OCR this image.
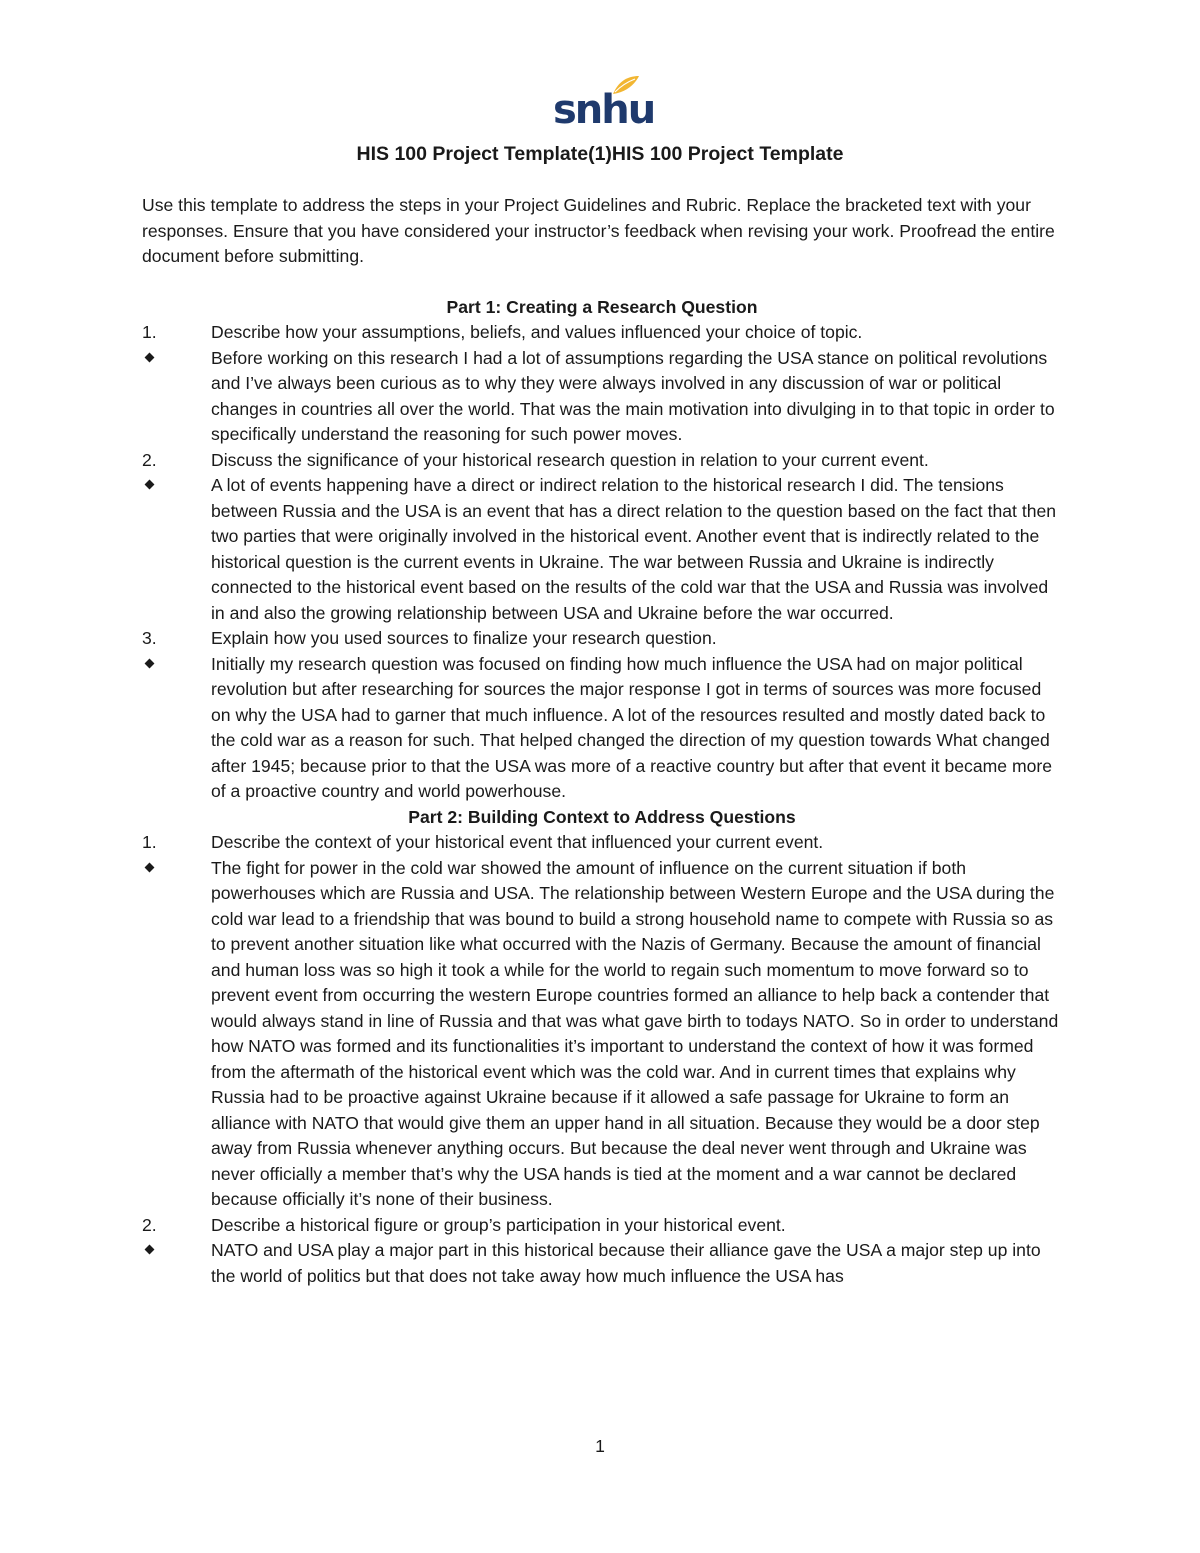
snhu
HIS 100 Project Template(1)HIS 100 Project Template

Use this template to address the steps in your Project Guidelines and Rubric. Replace the bracketed text with your responses. Ensure that you have considered your instructor’s feedback when revising your work. Proofread the entire document before submitting.

Part 1: Creating a Research Question

1.	Describe how your assumptions, beliefs, and values influenced your choice of topic.

Before working on this research I had a lot of assumptions regarding the USA stance on political revolutions and I’ve always been curious as to why they were always involved in any discussion of war or political changes in countries all over the world. That was the main motivation into divulging in to that topic in order to specifically understand the reasoning for such power moves.

2.	Discuss the significance of your historical research question in relation to your current event.

A lot of events happening have a direct or indirect relation to the historical research I did. The tensions between Russia and the USA is an event that has a direct relation to the question based on the fact that then two parties that were originally involved in the historical event. Another event that is indirectly related to the historical question is the current events in Ukraine. The war between Russia and Ukraine is indirectly connected to the historical event based on the results of the cold war that the USA and Russia was involved in and also the growing relationship between USA and Ukraine before the war occurred.

3.	Explain how you used sources to finalize your research question.

Initially my research question was focused on finding how much influence the USA had on major political revolution but after researching for sources the major response I got in terms of sources was more focused on why the USA had to garner that much influence. A lot of the resources resulted and mostly dated back to the cold war as a reason for such. That helped changed the direction of my question towards What changed after 1945; because prior to that the USA was more of a reactive country but after that event it became more of a proactive country and world powerhouse.

Part 2: Building Context to Address Questions

1.	Describe the context of your historical event that influenced your current event.

The fight for power in the cold war showed the amount of influence on the current situation if both powerhouses which are Russia and USA. The relationship between Western Europe and the USA during the cold war lead to a friendship that was bound to build a strong household name to compete with Russia so as to prevent another situation like what occurred with the Nazis of Germany. Because the amount of financial and human loss was so high it took a while for the world to regain such momentum to move forward so to prevent event from occurring the western Europe countries formed an alliance to help back a contender that would always stand in line of Russia and that was what gave birth to todays NATO. So in order to understand how NATO was formed and its functionalities it’s important to understand the context of how it was formed from the aftermath of the historical event which was the cold war. And in current times that explains why Russia had to be proactive against Ukraine because if it allowed a safe passage for Ukraine to form an alliance with NATO that would give them an upper hand in all situation. Because they would be a door step away from Russia whenever anything occurs. But because the deal never went through and Ukraine was never officially a member that’s why the USA hands is tied at the moment and a war cannot be declared because officially it’s none of their business.

2.	Describe a historical figure or group’s participation in your historical event.

NATO and USA play a major part in this historical because their alliance gave the USA a major step up into the world of politics but that does not take away how much influence the USA has

1
